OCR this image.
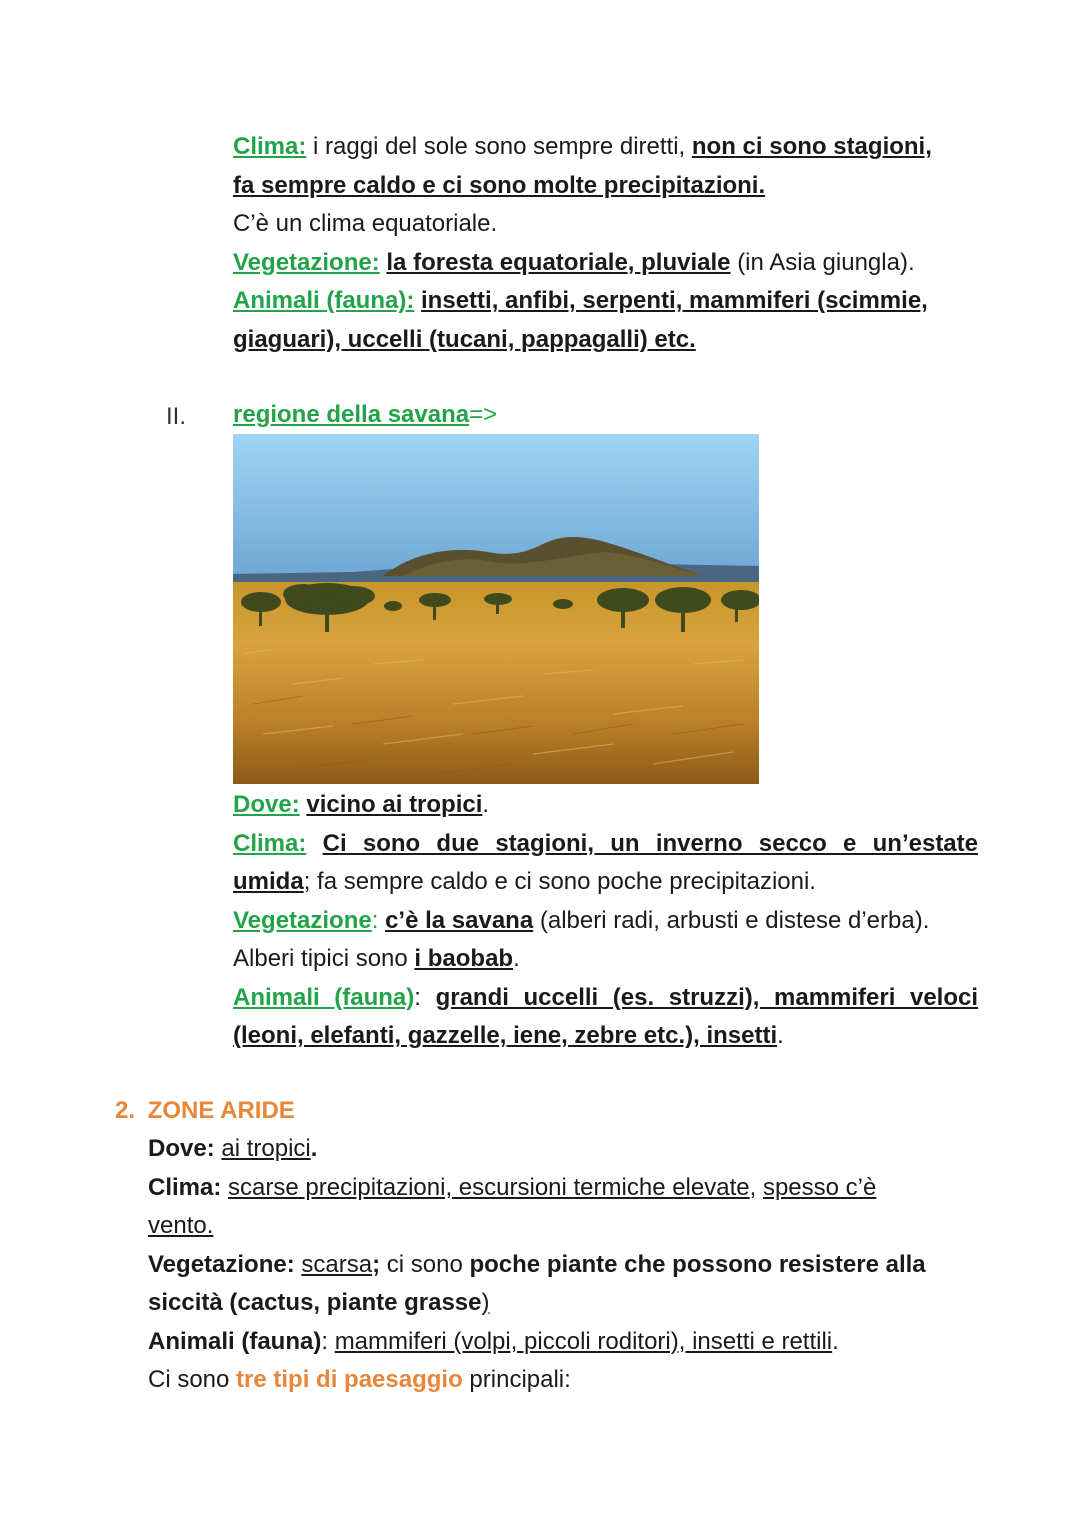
Clima: i raggi del sole sono sempre diretti, non ci sono stagioni,
fa sempre caldo e ci sono molte precipitazioni.
C’è un clima equatoriale.
Vegetazione: la foresta equatoriale, pluviale (in Asia giungla).
Animali (fauna): insetti, anfibi, serpenti, mammiferi (scimmie,
giaguari), uccelli (tucani, pappagalli) etc.
II. regione della savana=>
Dove: vicino ai tropici.
Clima: Ci sono due stagioni, un inverno secco e un’estate
umida; fa sempre caldo e ci sono poche precipitazioni.
Vegetazione: c’è la savana (alberi radi, arbusti e distese d’erba).
Alberi tipici sono i baobab.
Animali (fauna): grandi uccelli (es. struzzi), mammiferi veloci
(leoni, elefanti, gazzelle, iene, zebre etc.), insetti.
2. ZONE ARIDE
Dove: ai tropici.
Clima: scarse precipitazioni, escursioni termiche elevate, spesso c’è
vento.
Vegetazione: scarsa; ci sono poche piante che possono resistere alla
siccità (cactus, piante grasse)
Animali (fauna): mammiferi (volpi, piccoli roditori), insetti e rettili.
Ci sono tre tipi di paesaggio principali:
